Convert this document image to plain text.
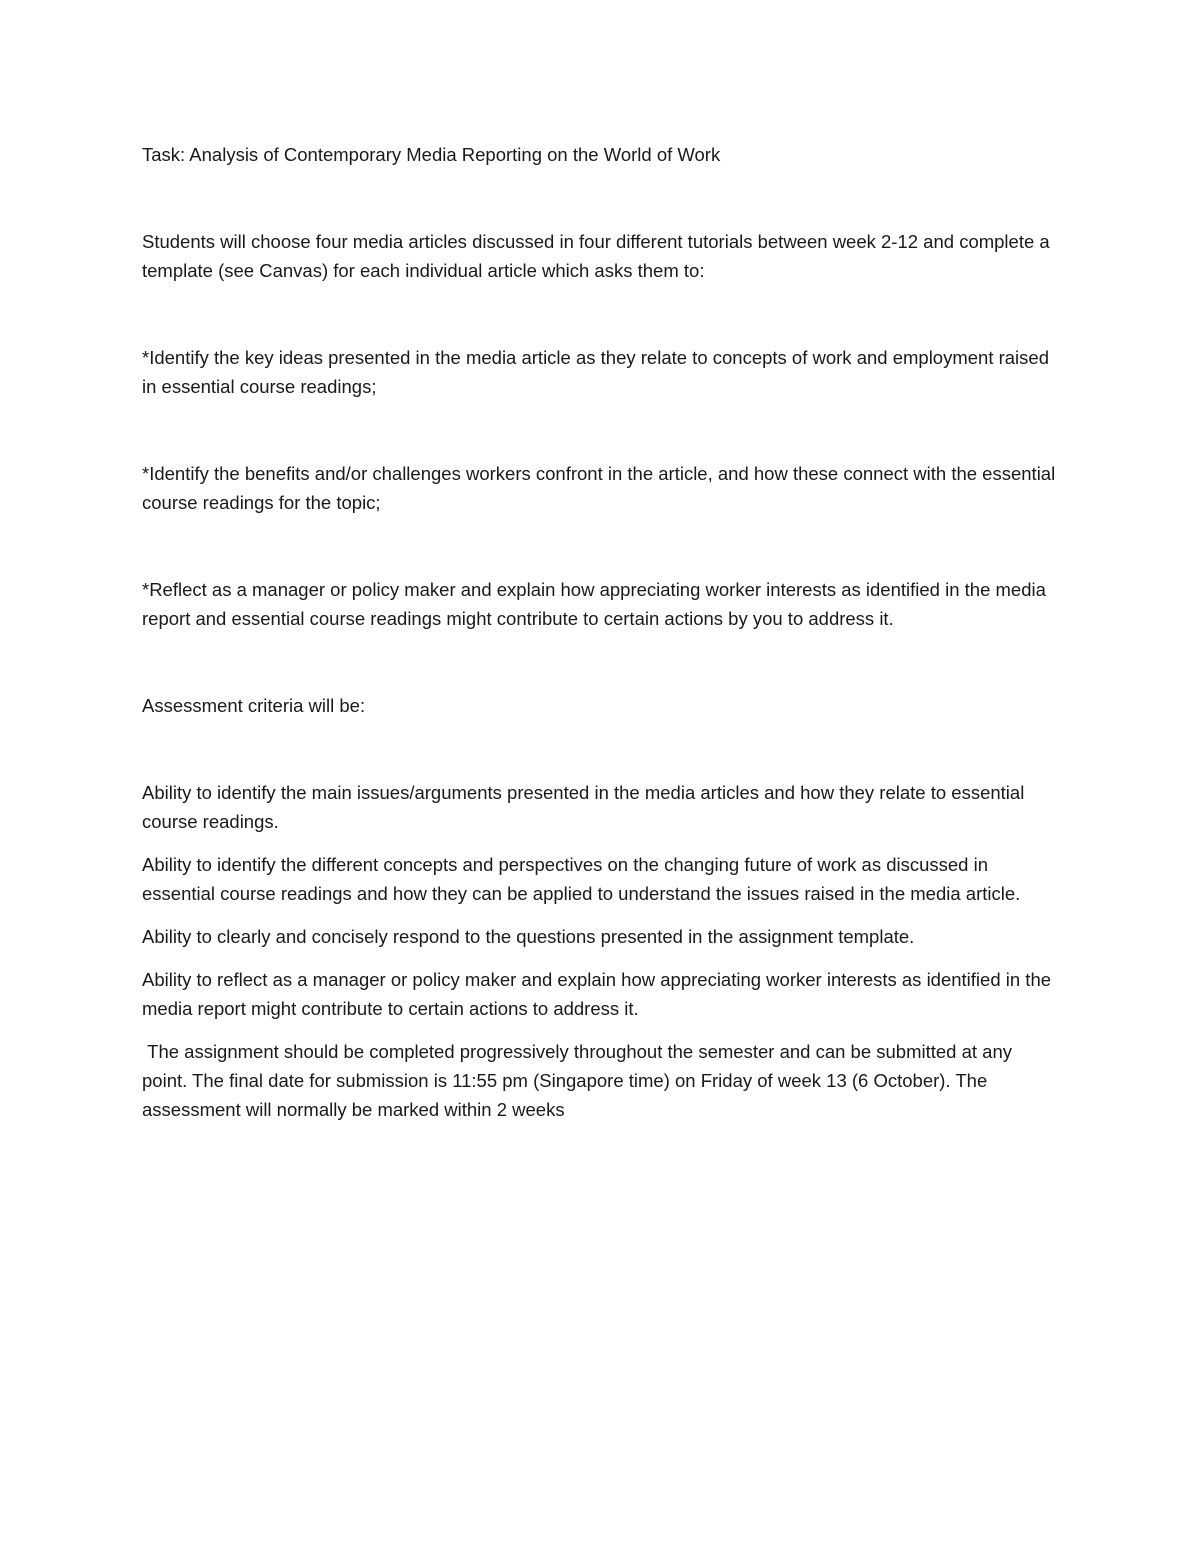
Task: Analysis of Contemporary Media Reporting on the World of Work

Students will choose four media articles discussed in four different tutorials between week 2-12 and complete a template (see Canvas) for each individual article which asks them to:

*Identify the key ideas presented in the media article as they relate to concepts of work and employment raised in essential course readings;

*Identify the benefits and/or challenges workers confront in the article, and how these connect with the essential course readings for the topic;

*Reflect as a manager or policy maker and explain how appreciating worker interests as identified in the media report and essential course readings might contribute to certain actions by you to address it.

Assessment criteria will be:

Ability to identify the main issues/arguments presented in the media articles and how they relate to essential course readings.

Ability to identify the different concepts and perspectives on the changing future of work as discussed in essential course readings and how they can be applied to understand the issues raised in the media article.

Ability to clearly and concisely respond to the questions presented in the assignment template.

Ability to reflect as a manager or policy maker and explain how appreciating worker interests as identified in the media report might contribute to certain actions to address it.

The assignment should be completed progressively throughout the semester and can be submitted at any point. The final date for submission is 11:55 pm (Singapore time) on Friday of week 13 (6 October). The assessment will normally be marked within 2 weeks
